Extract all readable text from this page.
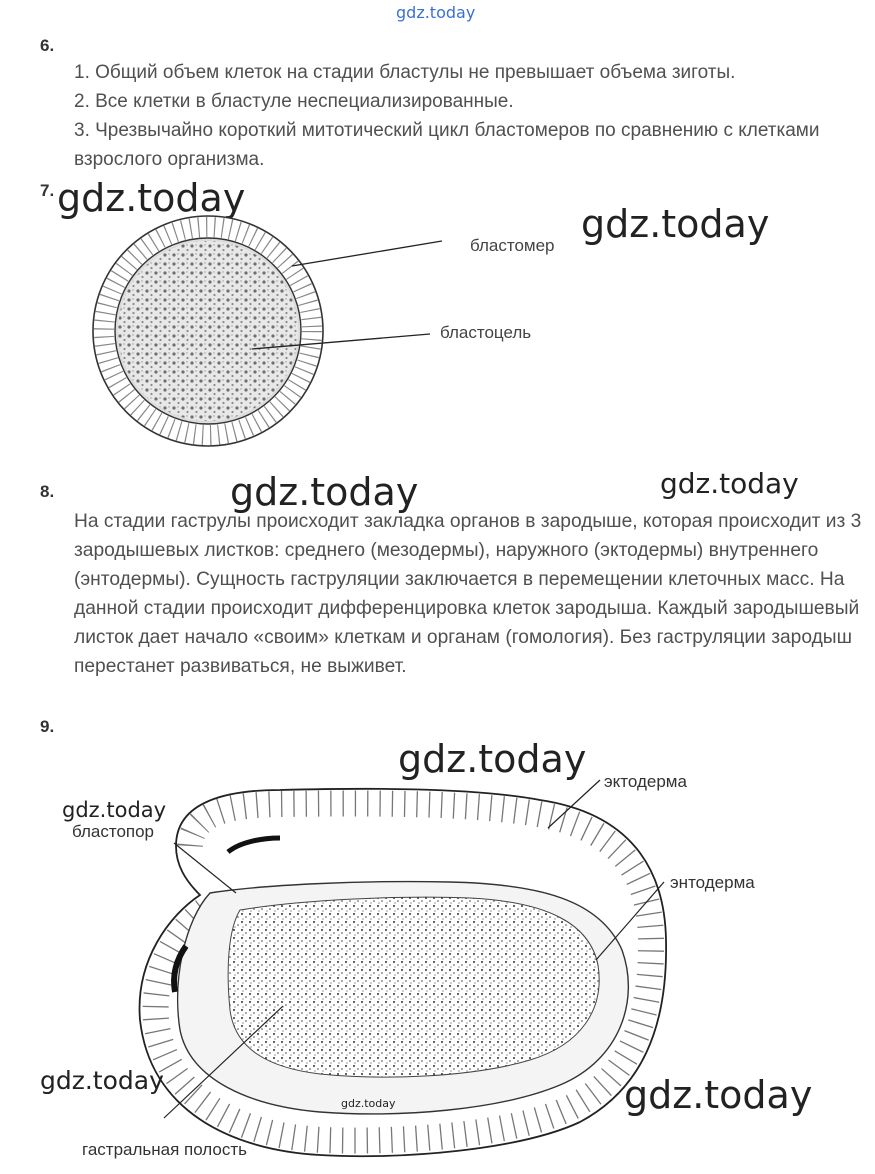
gdz.today
6.
1. Общий объем клеток на стадии бластулы не превышает объема зиготы.
2. Все клетки в бластуле неспециализированные.
3. Чрезвычайно короткий митотический цикл бластомеров по сравнению с клетками взрослого организма.
7. gdz.today
gdz.today
бластомер
бластоцель
8.	gdz.today	gdz.today
На стадии гаструлы происходит закладка органов в зародыше, которая происходит из 3 зародышевых листков: среднего (мезодермы), наружного (эктодермы) внутреннего (энтодермы). Сущность гаструляции заключается в перемещении клеточных масс. На данной стадии происходит дифференцировка клеток зародыша. Каждый зародышевый листок дает начало «своим» клеткам и органам (гомология). Без гаструляции зародыш перестанет развиваться, не выживет.
9.
gdz.today
эктодерма
gdz.today
бластопор
энтодерма
gdz.today
gdz.today	gdz.today
гастральная полость
